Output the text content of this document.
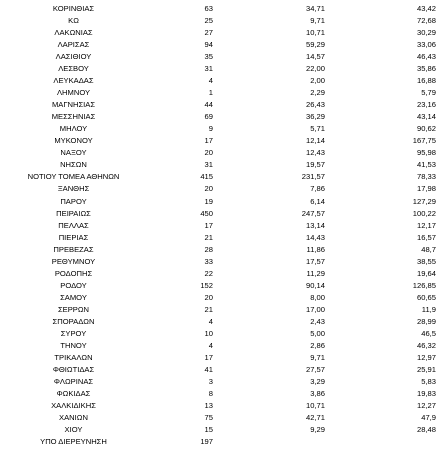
ΚΟΡΙΝΘΙΑΣ	63	34,71	43,42
ΚΩ	25	9,71	72,68
ΛΑΚΩΝΙΑΣ	27	10,71	30,29
ΛΑΡΙΣΑΣ	94	59,29	33,06
ΛΑΣΙΘΙΟΥ	35	14,57	46,43
ΛΕΣΒΟΥ	31	22,00	35,86
ΛΕΥΚΑΔΑΣ	4	2,00	16,88
ΛΗΜΝΟΥ	1	2,29	5,79
ΜΑΓΝΗΣΙΑΣ	44	26,43	23,16
ΜΕΣΣΗΝΙΑΣ	69	36,29	43,14
ΜΗΛΟΥ	9	5,71	90,62
ΜΥΚΟΝΟΥ	17	12,14	167,75
ΝΑΞΟΥ	20	12,43	95,98
ΝΗΣΩΝ	31	19,57	41,53
ΝΟΤΙΟΥ ΤΟΜΕΑ ΑΘΗΝΩΝ	415	231,57	78,33
ΞΑΝΘΗΣ	20	7,86	17,98
ΠΑΡΟΥ	19	6,14	127,29
ΠΕΙΡΑΙΩΣ	450	247,57	100,22
ΠΕΛΛΑΣ	17	13,14	12,17
ΠΙΕΡΙΑΣ	21	14,43	16,57
ΠΡΕΒΕΖΑΣ	28	11,86	48,7
ΡΕΘΥΜΝΟΥ	33	17,57	38,55
ΡΟΔΟΠΗΣ	22	11,29	19,64
ΡΟΔΟΥ	152	90,14	126,85
ΣΑΜΟΥ	20	8,00	60,65
ΣΕΡΡΩΝ	21	17,00	11,9
ΣΠΟΡΑΔΩΝ	4	2,43	28,99
ΣΥΡΟΥ	10	5,00	46,5
ΤΗΝΟΥ	4	2,86	46,32
ΤΡΙΚΑΛΩΝ	17	9,71	12,97
ΦΘΙΩΤΙΔΑΣ	41	27,57	25,91
ΦΛΩΡΙΝΑΣ	3	3,29	5,83
ΦΩΚΙΔΑΣ	8	3,86	19,83
ΧΑΛΚΙΔΙΚΗΣ	13	10,71	12,27
ΧΑΝΙΩΝ	75	42,71	47,9
ΧΙΟΥ	15	9,29	28,48
ΥΠΟ ΔΙΕΡΕΥΝΗΣΗ	197		
